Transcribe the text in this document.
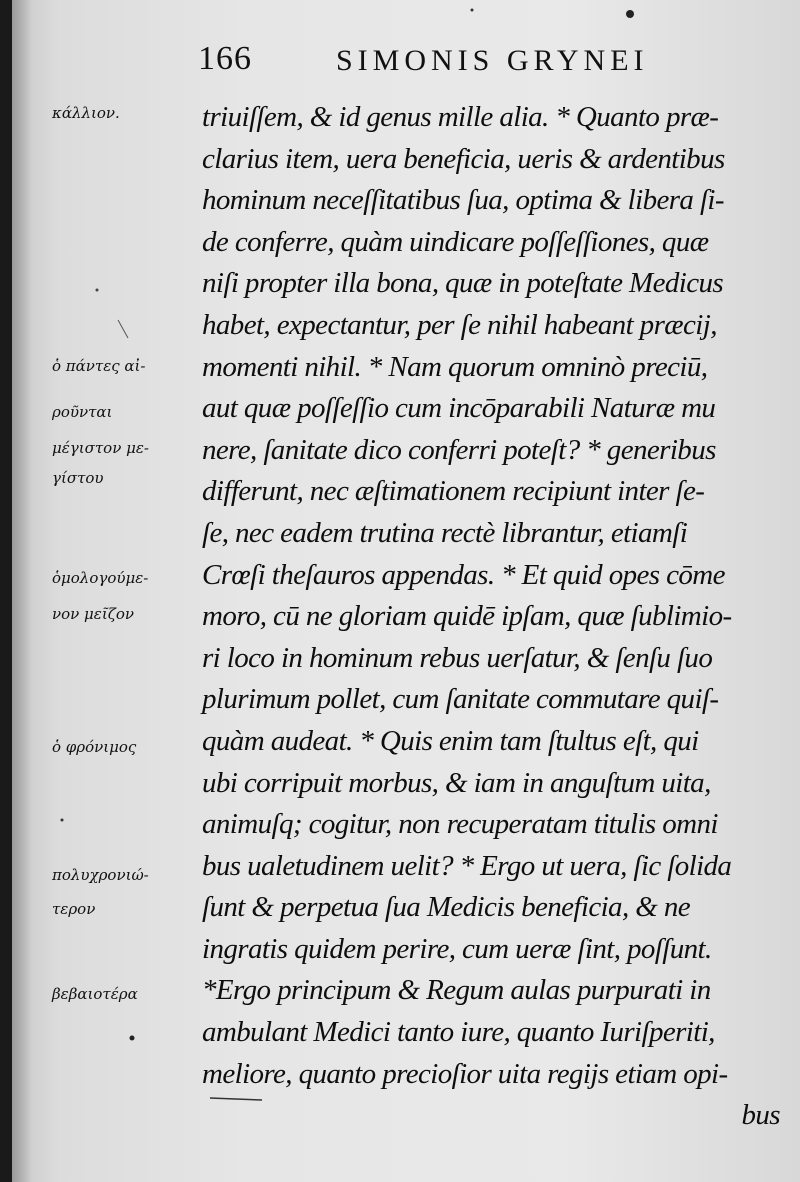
166	SIMONIS GRYNEI
triuiſſem, & id genus mille alia. * Quanto præ-
clarius item, uera beneficia, ueris & ardentibus
hominum neceſſitatibus ſua, optima & libera ſi-
de conferre, quàm uindicare poſſeſſiones, quæ
niſi propter illa bona, quæ in poteſtate Medicus
habet, expectantur, per ſe nihil habeant præcij,
momenti nihil. * Nam quorum omninò preciū,
aut quæ poſſeſſio cum incōparabili Naturæ mu
nere, ſanitate dico conferri poteſt? * generibus
differunt, nec æſtimationem recipiunt inter ſe-
ſe, nec eadem trutina rectè librantur, etiamſi
Crœſi theſauros appendas. * Et quid opes cōme
moro, cū ne gloriam quidē ipſam, quæ ſublimio-
ri loco in hominum rebus uerſatur, & ſenſu ſuo
plurimum pollet, cum ſanitate commutare quiſ-
quàm audeat. * Quis enim tam ſtultus eſt, qui
ubi corripuit morbus, & iam in anguſtum uita,
animuſq; cogitur, non recuperatam titulis omni
bus ualetudinem uelit? * Ergo ut uera, ſic ſolida
ſunt & perpetua ſua Medicis beneficia, & ne
ingratis quidem perire, cum ueræ ſint, poſſunt.
*Ergo principum & Regum aulas purpurati in
ambulant Medici tanto iure, quanto Iuriſperiti,
meliore, quanto precioſior uita regijs etiam opi-
bus
κάλλιον.
ὁ πάντες αἰ-
ροῦνται
μέγιστον με-
γίστου
ὁμολογούμε-
νον μεῖζον
ὁ φρόνιμος
πολυχρονιώ-
τερον
βεβαιοτέρα
